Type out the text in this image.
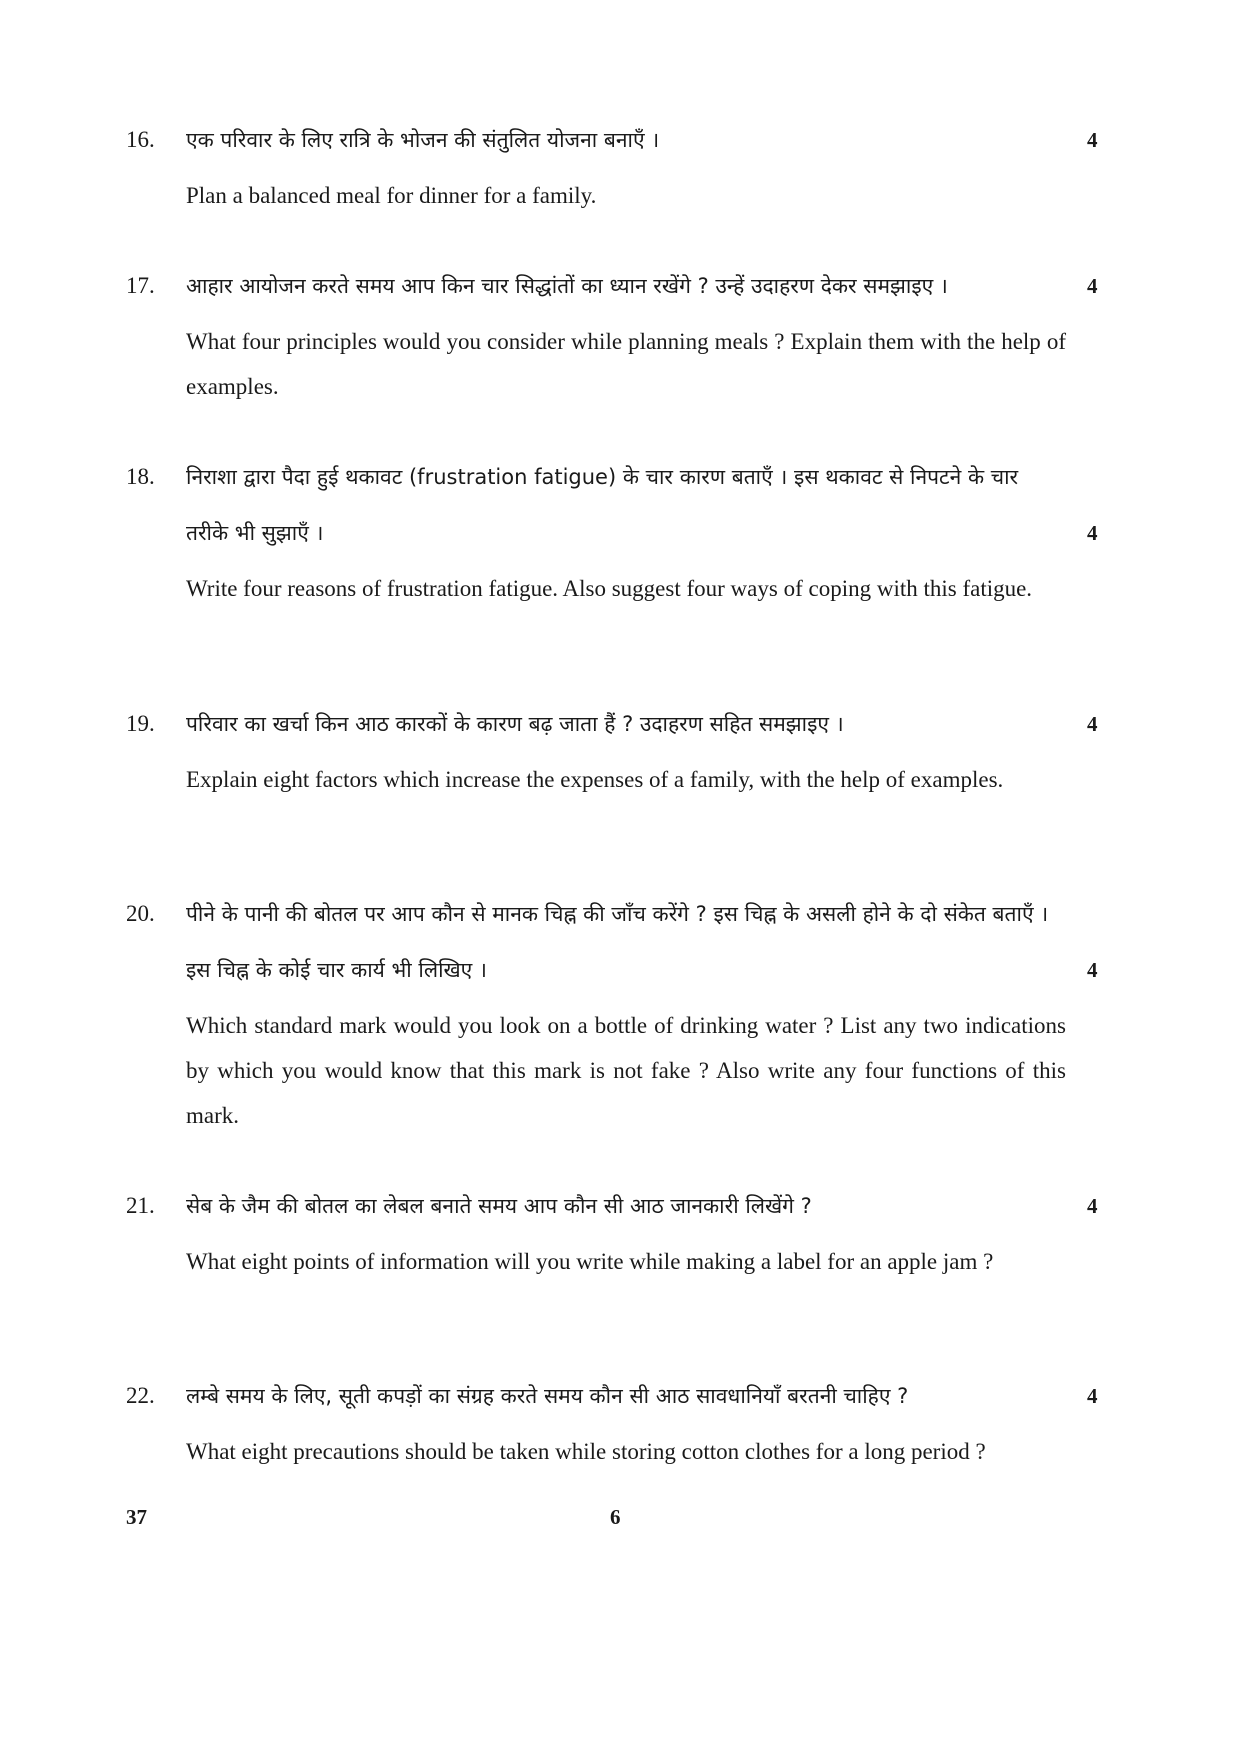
16. एक परिवार के लिए रात्रि के भोजन की संतुलित योजना बनाएँ ।	4

Plan a balanced meal for dinner for a family.

17. आहार आयोजन करते समय आप किन चार सिद्धांतों का ध्यान रखेंगे ? उन्हें उदाहरण देकर समझाइए ।	4

What four principles would you consider while planning meals ? Explain them with the help of examples.

18. निराशा द्वारा पैदा हुई थकावट (frustration fatigue) के चार कारण बताएँ । इस थकावट से निपटने के चार तरीके भी सुझाएँ ।	4

Write four reasons of frustration fatigue. Also suggest four ways of coping with this fatigue.

19. परिवार का खर्चा किन आठ कारकों के कारण बढ़ जाता हैं ? उदाहरण सहित समझाइए ।	4

Explain eight factors which increase the expenses of a family, with the help of examples.

20. पीने के पानी की बोतल पर आप कौन से मानक चिह्न की जाँच करेंगे ? इस चिह्न के असली होने के दो संकेत बताएँ । इस चिह्न के कोई चार कार्य भी लिखिए ।	4

Which standard mark would you look on a bottle of drinking water ? List any two indications by which you would know that this mark is not fake ? Also write any four functions of this mark.

21. सेब के जैम की बोतल का लेबल बनाते समय आप कौन सी आठ जानकारी लिखेंगे ?	4

What eight points of information will you write while making a label for an apple jam ?

22. लम्बे समय के लिए, सूती कपड़ों का संग्रह करते समय कौन सी आठ सावधानियाँ बरतनी चाहिए ?	4

What eight precautions should be taken while storing cotton clothes for a long period ?

37	6
